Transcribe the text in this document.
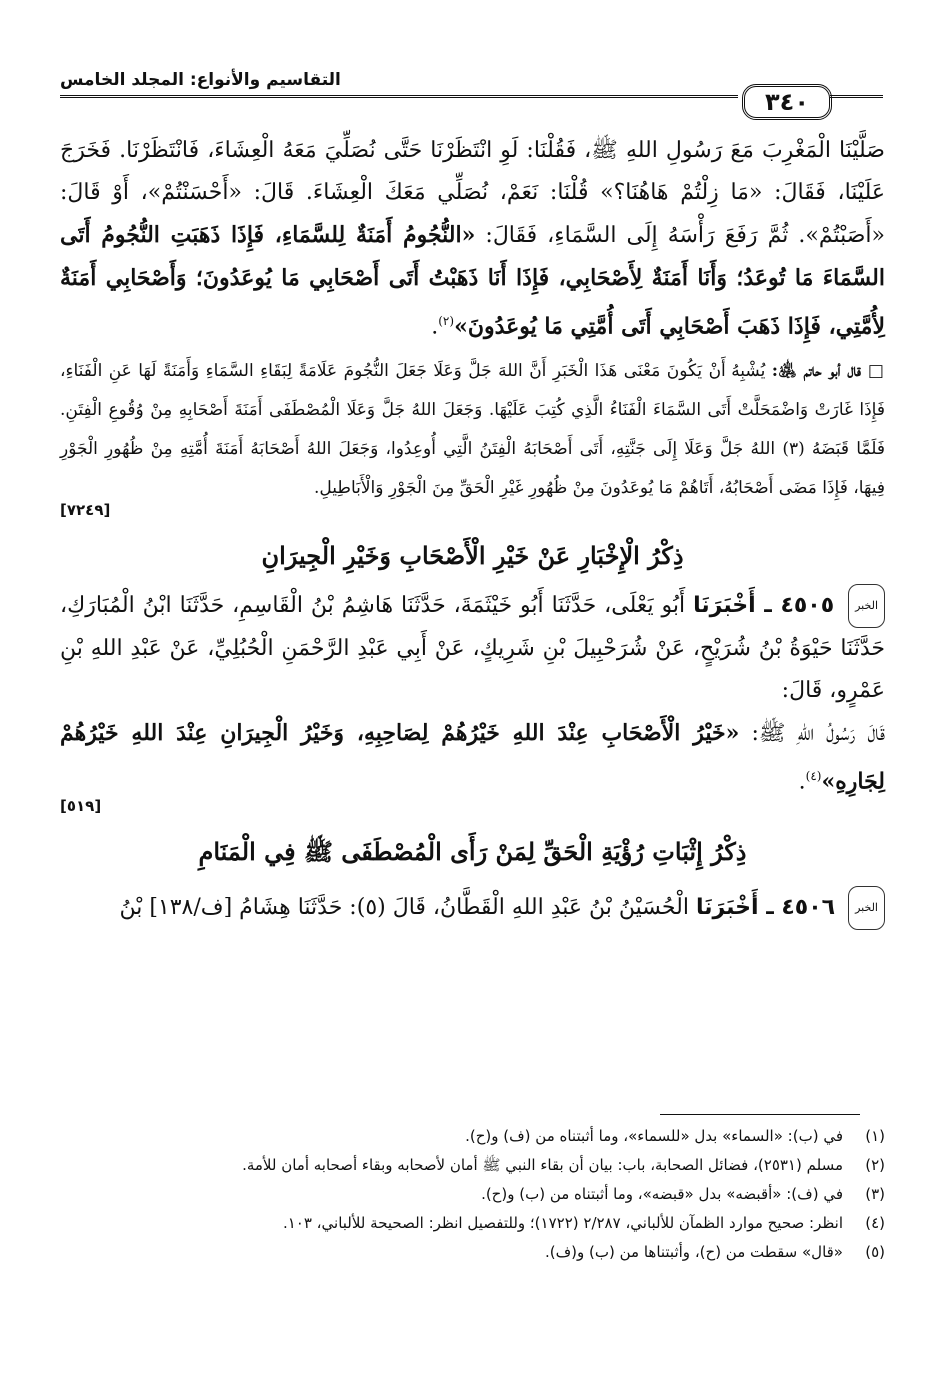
التقاسيم والأنواع: المجلد الخامس
٣٤٠

صَلَّيْنَا الْمَغْرِبَ مَعَ رَسُولِ اللهِ ﷺ، فَقُلْنَا: لَوِ انْتَظَرْنَا حَتَّى نُصَلِّيَ مَعَهُ الْعِشَاءَ، فَانْتَظَرْنَا. فَخَرَجَ عَلَيْنَا، فَقَالَ: «مَا زِلْتُمْ هَاهُنَا؟» قُلْنَا: نَعَمْ، نُصَلِّي مَعَكَ الْعِشَاءَ. قَالَ: «أَحْسَنْتُمْ»، أَوْ قَالَ: «أَصَبْتُمْ». ثُمَّ رَفَعَ رَأْسَهُ إِلَى السَّمَاءِ، فَقَالَ: «النُّجُومُ أَمَنَةٌ لِلسَّمَاءِ، فَإِذَا ذَهَبَتِ النُّجُومُ أَتَى السَّمَاءَ مَا تُوعَدُ؛ وَأَنَا أَمَنَةٌ لِأَصْحَابِي، فَإِذَا أَنَا ذَهَبْتُ أَتَى أَصْحَابِي مَا يُوعَدُونَ؛ وَأَصْحَابِي أَمَنَةٌ لِأُمَّتِي، فَإِذَا ذَهَبَ أَصْحَابِي أَتَى أُمَّتِي مَا يُوعَدُونَ»$^{(٢)}$.

□ قال أبو حاتم ﵁: يُشْبِهُ أَنْ يَكُونَ مَعْنَى هَذَا الْخَبَرِ أَنَّ اللهَ جَلَّ وَعَلَا جَعَلَ النُّجُومَ عَلَامَةً لِبَقَاءِ السَّمَاءِ وَأَمَنَةً لَهَا عَنِ الْفَنَاءِ، فَإِذَا غَارَتْ وَاضْمَحَلَّتْ أَتَى السَّمَاءَ الْفَنَاءُ الَّذِي كُتِبَ عَلَيْهَا. وَجَعَلَ اللهُ جَلَّ وَعَلَا الْمُصْطَفَى أَمَنَةَ أَصْحَابِهِ مِنْ وُقُوعِ الْفِتَنِ. فَلَمَّا قَبَضَهُ (٣) اللهُ جَلَّ وَعَلَا إِلَى جَنَّتِهِ، أَتَى أَصْحَابَهُ الْفِتَنُ الَّتِي أُوعِدُوا، وَجَعَلَ اللهُ أَصْحَابَهُ أَمَنَةَ أُمَّتِهِ مِنْ ظُهُورِ الْجَوْرِ فِيهَا، فَإِذَا مَضَى أَصْحَابُهُ، أَتَاهُمْ مَا يُوعَدُونَ مِنْ ظُهُورِ غَيْرِ الْحَقِّ مِنَ الْجَوْرِ وَالْأَبَاطِيلِ.

[٧٢٤٩]
ذِكْرُ الْإِخْبَارِ عَنْ خَيْرِ الْأَصْحَابِ وَخَيْرِ الْجِيرَانِ

الخبر ٤٥٠٥ ـ أَخْبَرَنَا أَبُو يَعْلَى، حَدَّثَنَا أَبُو خَيْثَمَةَ، حَدَّثَنَا هَاشِمُ بْنُ الْقَاسِمِ، حَدَّثَنَا ابْنُ الْمُبَارَكِ، حَدَّثَنَا حَيْوَةُ بْنُ شُرَيْحٍ، عَنْ شُرَحْبِيلَ بْنِ شَرِيكٍ، عَنْ أَبِي عَبْدِ الرَّحْمَنِ الْحُبُلِيِّ، عَنْ عَبْدِ اللهِ بْنِ عَمْرٍو، قَالَ:

قَالَ رَسُولُ اللهِ ﷺ: «خَيْرُ الْأَصْحَابِ عِنْدَ اللهِ خَيْرُهُمْ لِصَاحِبِهِ، وَخَيْرُ الْجِيرَانِ عِنْدَ اللهِ خَيْرُهُمْ لِجَارِهِ»$^{(٤)}$.

[٥١٩]
ذِكْرُ إِثْبَاتِ رُؤْيَةِ الْحَقِّ لِمَنْ رَأَى الْمُصْطَفَى ﷺ فِي الْمَنَامِ

الخبر ٤٥٠٦ ـ أَخْبَرَنَا الْحُسَيْنُ بْنُ عَبْدِ اللهِ الْقَطَّانُ، قَالَ (٥): حَدَّثَنَا هِشَامُ [ف/١٣٨] بْنُ

(١)
في (ب): «السماء» بدل «للسماء»، وما أثبتناه من (ف) و(ح).
(٢)
مسلم (٢٥٣١)، فضائل الصحابة، باب: بيان أن بقاء النبي ﷺ أمان لأصحابه وبقاء أصحابه أمان للأمة.
(٣)
في (ف): «أقبضه» بدل «قبضه»، وما أثبتناه من (ب) و(ح).
(٤)
انظر: صحيح موارد الظمآن للألباني، ٢/٢٨٧ (١٧٢٢)؛ وللتفصيل انظر: الصحيحة للألباني، ١٠٣.
(٥)
«قال» سقطت من (ح)، وأثبتناها من (ب) و(ف).
